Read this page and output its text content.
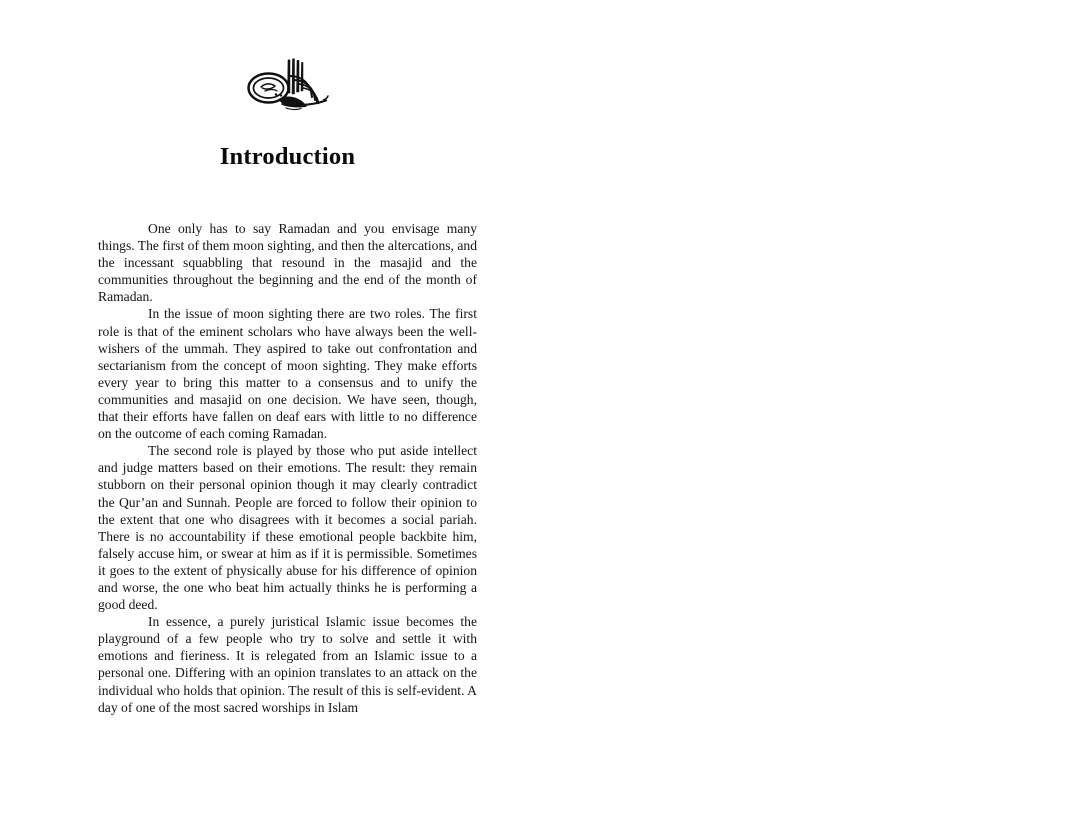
Introduction

One only has to say Ramadan and you envisage many things. The first of them moon sighting, and then the altercations, and the incessant squabbling that resound in the masajid and the communities throughout the beginning and the end of the month of Ramadan.

In the issue of moon sighting there are two roles. The first role is that of the eminent scholars who have always been the well-wishers of the ummah. They aspired to take out confrontation and sectarianism from the concept of moon sighting. They make efforts every year to bring this matter to a consensus and to unify the communities and masajid on one decision. We have seen, though, that their efforts have fallen on deaf ears with little to no difference on the outcome of each coming Ramadan.

The second role is played by those who put aside intellect and judge matters based on their emotions. The result: they remain stubborn on their personal opinion though it may clearly contradict the Qur’an and Sunnah. People are forced to follow their opinion to the extent that one who disagrees with it becomes a social pariah. There is no accountability if these emotional people backbite him, falsely accuse him, or swear at him as if it is permissible. Sometimes it goes to the extent of physically abuse for his difference of opinion and worse, the one who beat him actually thinks he is performing a good deed.

In essence, a purely juristical Islamic issue becomes the playground of a few people who try to solve and settle it with emotions and fieriness. It is relegated from an Islamic issue to a personal one. Differing with an opinion translates to an attack on the individual who holds that opinion. The result of this is self-evident. A day of one of the most sacred worships in Islam
